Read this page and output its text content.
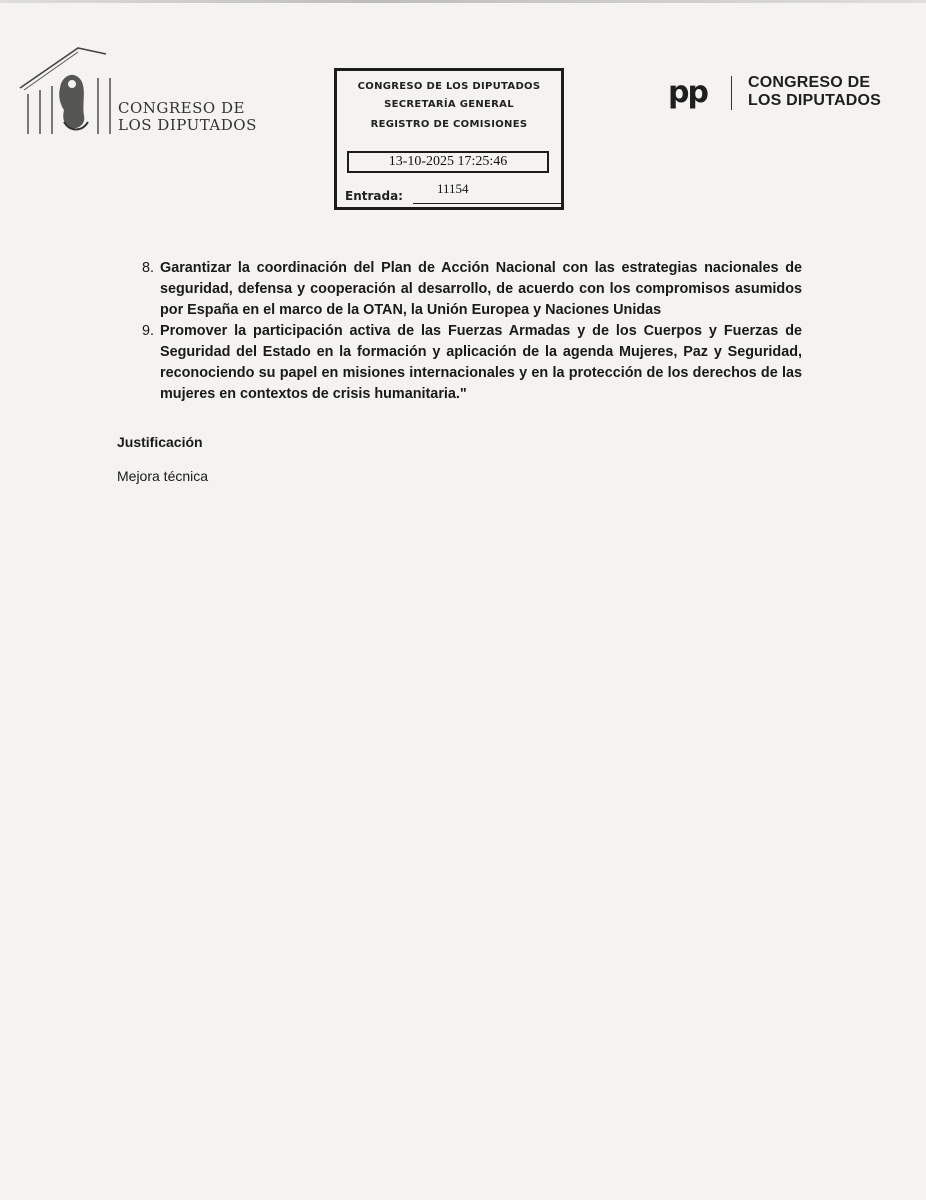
CONGRESO DE
LOS DIPUTADOS
CONGRESO DE LOS DIPUTADOS
SECRETARÍA GENERAL
REGISTRO DE COMISIONES
13-10-2025 17:25:46
Entrada:	11154
pp	CONGRESO DE
LOS DIPUTADOS
8. Garantizar la coordinación del Plan de Acción Nacional con las estrategias nacionales de seguridad, defensa y cooperación al desarrollo, de acuerdo con los compromisos asumidos por España en el marco de la OTAN, la Unión Europea y Naciones Unidas
9. Promover la participación activa de las Fuerzas Armadas y de los Cuerpos y Fuerzas de Seguridad del Estado en la formación y aplicación de la agenda Mujeres, Paz y Seguridad, reconociendo su papel en misiones internacionales y en la protección de los derechos de las mujeres en contextos de crisis humanitaria."
Justificación
Mejora técnica
